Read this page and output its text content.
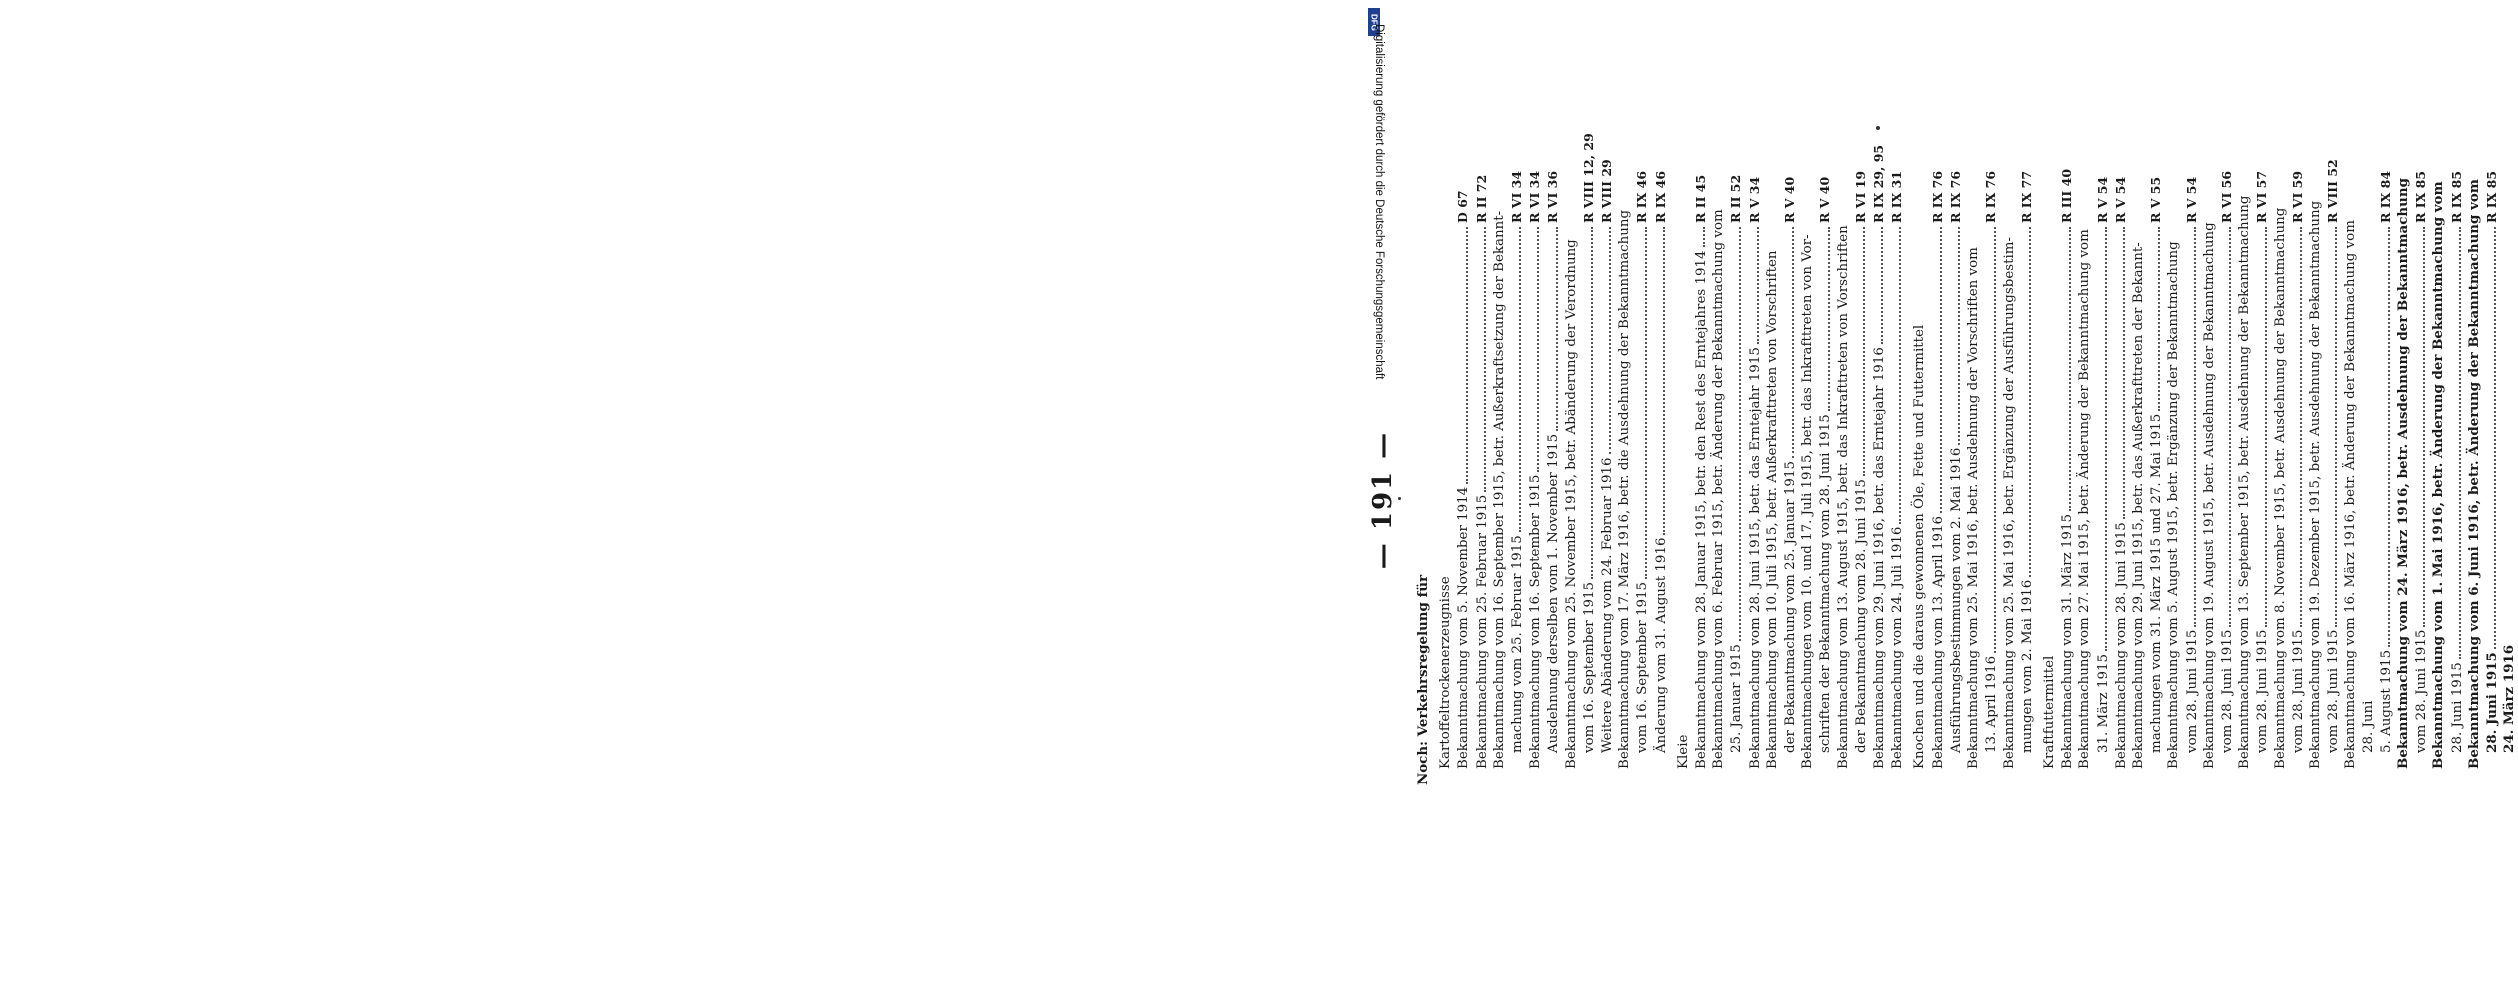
— 191 —
Noch: Verkehrsregelung für Kartoffeltrockenerzeugnisse Bekanntmachung vom 5. November 1914
D 67
Bekanntmachung vom 25. Februar 1915
R II 72
Bekanntmachung vom 16. September 1915, betr. Außerkraftsetzung der Bekannt- machung vom 25. Februar 1915
R VI 34
Bekanntmachung vom 16. September 1915
R VI 34
Ausdehnung derselben vom 1. November 1915
R VI 36
Bekanntmachung vom 25. November 1915, betr. Abänderung der Verordnung vom 16. September 1915
R VIII 12, 29
Weitere Abänderung vom 24. Februar 1916
R VIII 29
Bekanntmachung vom 17. März 1916, betr. die Ausdehnung der Bekanntmachung vom 16. September 1915
R IX 46
Änderung vom 31. August 1916
R IX 46
Kleie Bekanntmachung vom 28. Januar 1915, betr. den Rest des Erntejahres 1914
R II 45
Bekanntmachung vom 6. Februar 1915, betr. Änderung der Bekanntmachung vom 25. Januar 1915
R II 52
Bekanntmachung vom 28. Juni 1915, betr. das Erntejahr 1915
R V 34
Bekanntmachung vom 10. Juli 1915, betr. Außerkrafttreten von Vorschriften der Bekanntmachung vom 25. Januar 1915
R V 40
Bekanntmachungen vom 10. und 17. Juli 1915, betr. das Inkrafttreten von Vor- schriften der Bekanntmachung vom 28. Juni 1915
R V 40
Bekanntmachung vom 13. August 1915, betr. das Inkrafttreten von Vorschriften der Bekanntmachung vom 28. Juni 1915
R VI 19
Bekanntmachung vom 29. Juni 1916, betr. das Erntejahr 1916
R IX 29, 95
Bekanntmachung vom 24. Juli 1916
R IX 31
Knochen und die daraus gewonnenen Öle, Fette und Futtermittel Bekanntmachung vom 13. April 1916
R IX 76
Ausführungsbestimmungen vom 2. Mai 1916
R IX 76
Bekanntmachung vom 25. Mai 1916, betr. Ausdehnung der Vorschriften vom 13. April 1916
R IX 76
Bekanntmachung vom 25. Mai 1916, betr. Ergänzung der Ausführungsbestim- mungen vom 2. Mai 1916
R IX 77
Kraftfuttermittel Bekanntmachung vom 31. März 1915
R III 40
Bekanntmachung vom 27. Mai 1915, betr. Änderung der Bekanntmachung vom 31. März 1915
R V 54
Bekanntmachung vom 28. Juni 1915
R V 54
Bekanntmachung vom 29. Juni 1915, betr. das Außerkrafttreten der Bekannt- machungen vom 31. März 1915 und 27. Mai 1915
R V 55
Bekanntmachung vom 5. August 1915, betr. Ergänzung der Bekanntmachung vom 28. Juni 1915
R V 54
Bekanntmachung vom 19. August 1915, betr. Ausdehnung der Bekanntmachung vom 28. Juni 1915
R VI 56 Bekanntmachung vom 13. September 1915, betr. Ausdehnung der Bekanntmachung vom 28. Juni 1915
R VI 57
Bekanntmachung vom 8. November 1915, betr. Ausdehnung der Bekanntmachung vom 28. Juni 1915
R VI 59
Bekanntmachung vom 19. Dezember 1915, betr. Ausdehnung der Bekanntmachung vom 28. Juni 1915
R VIII 52
Bekanntmachung vom 16. März 1916, betr. Änderung der Bekanntmachung vom 28. Juni 5. August 1915
R IX 84 Bekanntmachung vom 24. März 1916, betr. Ausdehnung der Bekanntmachung vom 28. Juni 1915
R IX 85 Bekanntmachung vom 1. Mai 1916, betr. Änderung der Bekanntmachung vom 28. Juni 1915
R IX 85 Bekanntmachung vom 6. Juni 1916, betr. Änderung der Bekanntmachung vom 28. Juni 1915
R IX 85
24. März 1916
DFG
Digitalisierung gefördert durch die Deutsche Forschungsgemeinschaft
